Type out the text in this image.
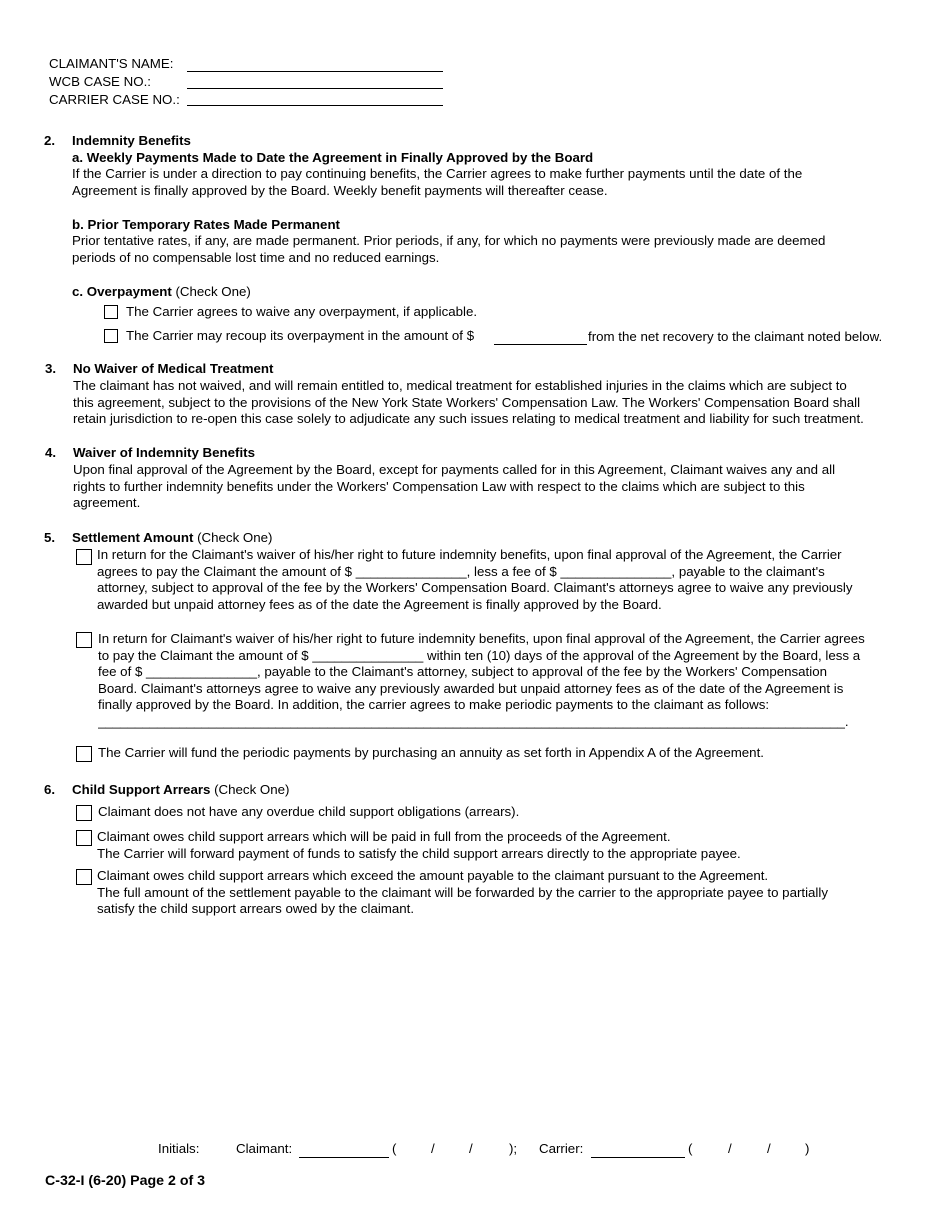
CLAIMANT'S NAME:
WCB CASE NO.:
CARRIER CASE NO.:
2. Indemnity Benefits
a. Weekly Payments Made to Date the Agreement in Finally Approved by the Board
If the Carrier is under a direction to pay continuing benefits, the Carrier agrees to make further payments until the date of the
Agreement is finally approved by the Board. Weekly benefit payments will thereafter cease.
b. Prior Temporary Rates Made Permanent
Prior tentative rates, if any, are made permanent. Prior periods, if any, for which no payments were previously made are deemed
periods of no compensable lost time and no reduced earnings.
c. Overpayment (Check One)
The Carrier agrees to waive any overpayment, if applicable.
The Carrier may recoup its overpayment in the amount of $	from the net recovery to the claimant noted below.
3. No Waiver of Medical Treatment
The claimant has not waived, and will remain entitled to, medical treatment for established injuries in the claims which are subject to
this agreement, subject to the provisions of the New York State Workers' Compensation Law. The Workers' Compensation Board shall
retain jurisdiction to re-open this case solely to adjudicate any such issues relating to medical treatment and liability for such treatment.
4. Waiver of Indemnity Benefits
Upon final approval of the Agreement by the Board, except for payments called for in this Agreement, Claimant waives any and all
rights to further indemnity benefits under the Workers' Compensation Law with respect to the claims which are subject to this
agreement.
5. Settlement Amount (Check One)
In return for the Claimant's waiver of his/her right to future indemnity benefits, upon final approval of the Agreement, the Carrier
agrees to pay the Claimant the amount of $ _______________, less a fee of $ _______________, payable to the claimant's
attorney, subject to approval of the fee by the Workers' Compensation Board. Claimant's attorneys agree to waive any previously
awarded but unpaid attorney fees as of the date the Agreement is finally approved by the Board.
In return for Claimant's waiver of his/her right to future indemnity benefits, upon final approval of the Agreement, the Carrier agrees
to pay the Claimant the amount of $ _______________ within ten (10) days of the approval of the Agreement by the Board, less a
fee of $ _______________, payable to the Claimant's attorney, subject to approval of the fee by the Workers' Compensation
Board. Claimant's attorneys agree to waive any previously awarded but unpaid attorney fees as of the date of the Agreement is
finally approved by the Board. In addition, the carrier agrees to make periodic payments to the claimant as follows:
_____________________________________________________________________________________________________.
The Carrier will fund the periodic payments by purchasing an annuity as set forth in Appendix A of the Agreement.
6. Child Support Arrears (Check One)
Claimant does not have any overdue child support obligations (arrears).
Claimant owes child support arrears which will be paid in full from the proceeds of the Agreement.
The Carrier will forward payment of funds to satisfy the child support arrears directly to the appropriate payee.
Claimant owes child support arrears which exceed the amount payable to the claimant pursuant to the Agreement.
The full amount of the settlement payable to the claimant will be forwarded by the carrier to the appropriate payee to partially
satisfy the child support arrears owed by the claimant.
Initials:	Claimant:	(	/	/	); Carrier:	(	/	/	)
C-32-I (6-20) Page 2 of 3
